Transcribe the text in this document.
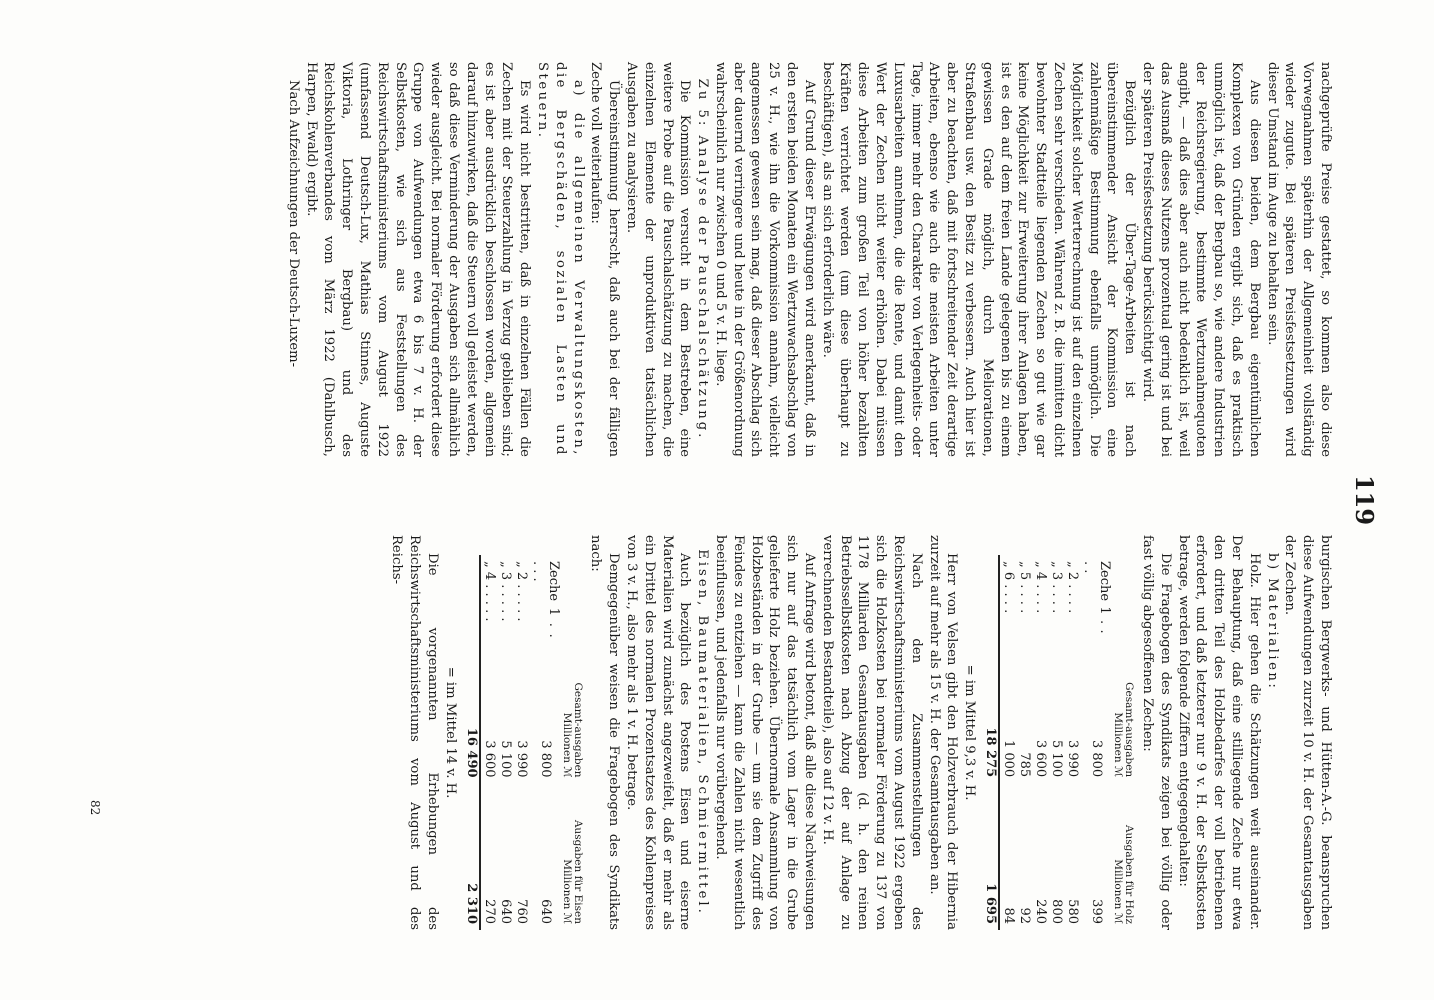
119

nachgeprüfte Preise gestattet, so kommen also diese Vorwegnahmen späterhin der Allgemeinheit vollständig wieder zugute. Bei späteren Preisfestsetzungen wird dieser Umstand im Auge zu behalten sein.

Aus diesen beiden, dem Bergbau eigentümlichen Komplexen von Gründen ergibt sich, daß es praktisch unmöglich ist, daß der Bergbau so, wie andere Industrien der Reichsregierung, bestimmte Wertzunahmequoten angibt, — daß dies aber auch nicht bedenklich ist, weil das Ausmaß dieses Nutzens prozentual gering ist und bei der späteren Preisfestsetzung berücksichtigt wird.

Bezüglich der Über-Tage-Arbeiten ist nach übereinstimmender Ansicht der Kommission eine zahlenmäßige Bestimmung ebenfalls unmöglich. Die Möglichkeit solcher Werterrechnung ist auf den einzelnen Zechen sehr verschieden. Während z. B. die inmitten dicht bewohnter Stadtteile liegenden Zechen so gut wie gar keine Möglichkeit zur Erweiterung ihrer Anlagen haben, ist es den auf dem freien Lande gelegenen bis zu einem gewissen Grade möglich, durch Meliorationen, Straßenbau usw. den Besitz zu verbessern. Auch hier ist aber zu beachten, daß mit fortschreitender Zeit derartige Arbeiten, ebenso wie auch die meisten Arbeiten unter Tage, immer mehr den Charakter von Verlegenheits- oder Luxusarbeiten annehmen, die die Rente, und damit den Wert der Zechen nicht weiter erhöhen. Dabei müssen diese Arbeiten zum großen Teil von höher bezahlten Kräften verrichtet werden (um diese überhaupt zu beschäftigen), als an sich erforderlich wäre.

Auf Grund dieser Erwägungen wird anerkannt, daß in den ersten beiden Monaten ein Wertzuwachsabschlag von 25 v. H., wie ihn die Vorkommission annahm, vielleicht angemessen gewesen sein mag, daß dieser Abschlag sich aber dauernd verringere und heute in der Größenordnung wahrscheinlich nur zwischen 0 und 5 v. H. liege.

Zu 5: Analyse der Pauschalschätzung.

Die Kommission versucht in dem Bestreben, eine weitere Probe auf die Pauschalschätzung zu machen, die einzelnen Elemente der unproduktiven tatsächlichen Ausgaben zu analysieren.

Übereinstimmung herrscht, daß auch bei der fälligen Zeche voll weiterlaufen:

a) die allgemeinen Verwaltungskosten, die Bergschäden, sozialen Lasten und Steuern.

Es wird nicht bestritten, daß in einzelnen Fällen die Zechen mit der Steuerzahlung in Verzug geblieben sind; es ist aber ausdrücklich beschlossen worden, allgemein darauf hinzuwirken, daß die Steuern voll geleistet werden, so daß diese Verminderung der Ausgaben sich allmählich wieder ausgleicht. Bei normaler Förderung erfordert diese Gruppe von Aufwendungen etwa 6 bis 7 v. H. der Selbstkosten, wie sich aus Feststellungen des Reichswirtschaftsministeriums vom August 1922 (umfassend Deutsch-Lux, Mathias Stinnes, Auguste Viktoria, Lothringer Bergbau) und des Reichskohlenverbandes vom März 1922 (Dahlbusch, Harpen, Ewald) ergibt.

Nach Aufzeichnungen der Deutsch-Luxem-

burgischen Bergwerks- und Hütten-A.-G. beanspruchen diese Aufwendungen zurzeit 10 v. H. der Gesamtausgaben der Zechen.

b) Materialien:

Holz. Hier gehen die Schätzungen weit auseinander. Der Behauptung, daß eine stilliegende Zeche nur etwa den dritten Teil des Holzbedarfes der voll betriebenen erfordert, und daß letzterer nur 9 v. H. der Selbstkosten betrage, werden folgende Ziffern entgegengehalten:

Die Fragebogen des Syndikats zeigen bei völlig oder fast völlig abgesoffenen Zechen:

	Gesamt-ausgaben Millionen ℳ	Ausgaben für Holz Millionen ℳ
Zeche 1 . . . .	3 800	399
„ 2 . . . .	3 990	580
„ 3 . . . .	5 100	800
„ 4 . . . .	3 600	240
„ 5 . . . .	785	92
„ 6 . . . .	1 000	84
	18 275	1 695

= im Mittel 9,3 v. H.

Herr von Velsen gibt den Holzverbrauch der Hibernia zurzeit auf mehr als 15 v. H. der Gesamtausgaben an.

Nach den Zusammenstellungen des Reichswirtschaftsministeriums vom August 1922 ergeben sich die Holzkosten bei normaler Förderung zu 137 von 1178 Milliarden Gesamtausgaben (d. h. den reinen Betriebsselbstkosten nach Abzug der auf Anlage zu verrechnenden Bestandteile), also auf 12 v. H.

Auf Anfrage wird betont, daß alle diese Nachweisungen sich nur auf das tatsächlich vom Lager in die Grube gelieferte Holz beziehen. Übernormale Ansammlung von Holzbeständen in der Grube — um sie dem Zugriff des Feindes zu entziehen — kann die Zahlen nicht wesentlich beeinflussen, und jedenfalls nur vorübergehend.

Eisen, Baumaterialien, Schmiermittel.

Auch bezüglich des Postens Eisen und eiserne Materialien wird zunächst angezweifelt, daß er mehr als ein Drittel des normalen Prozentsatzes des Kohlenpreises von 3 v. H., also mehr als 1 v. H. betrage.

Demgegenüber weisen die Fragebogen des Syndikats nach:

	Gesamt-ausgaben Millionen ℳ	Ausgaben für Eisen Millionen ℳ
Zeche 1 . . . . .	3 800	640
„ 2 . . . . .	3 990	760
„ 3 . . . . .	5 100	640
„ 4 . . . . .	3 600	270
	16 490	2 310

= im Mittel 14 v. H.

Die vorgenannten Erhebungen des Reichswirtschaftsministeriums vom August und des Reichs-

82
